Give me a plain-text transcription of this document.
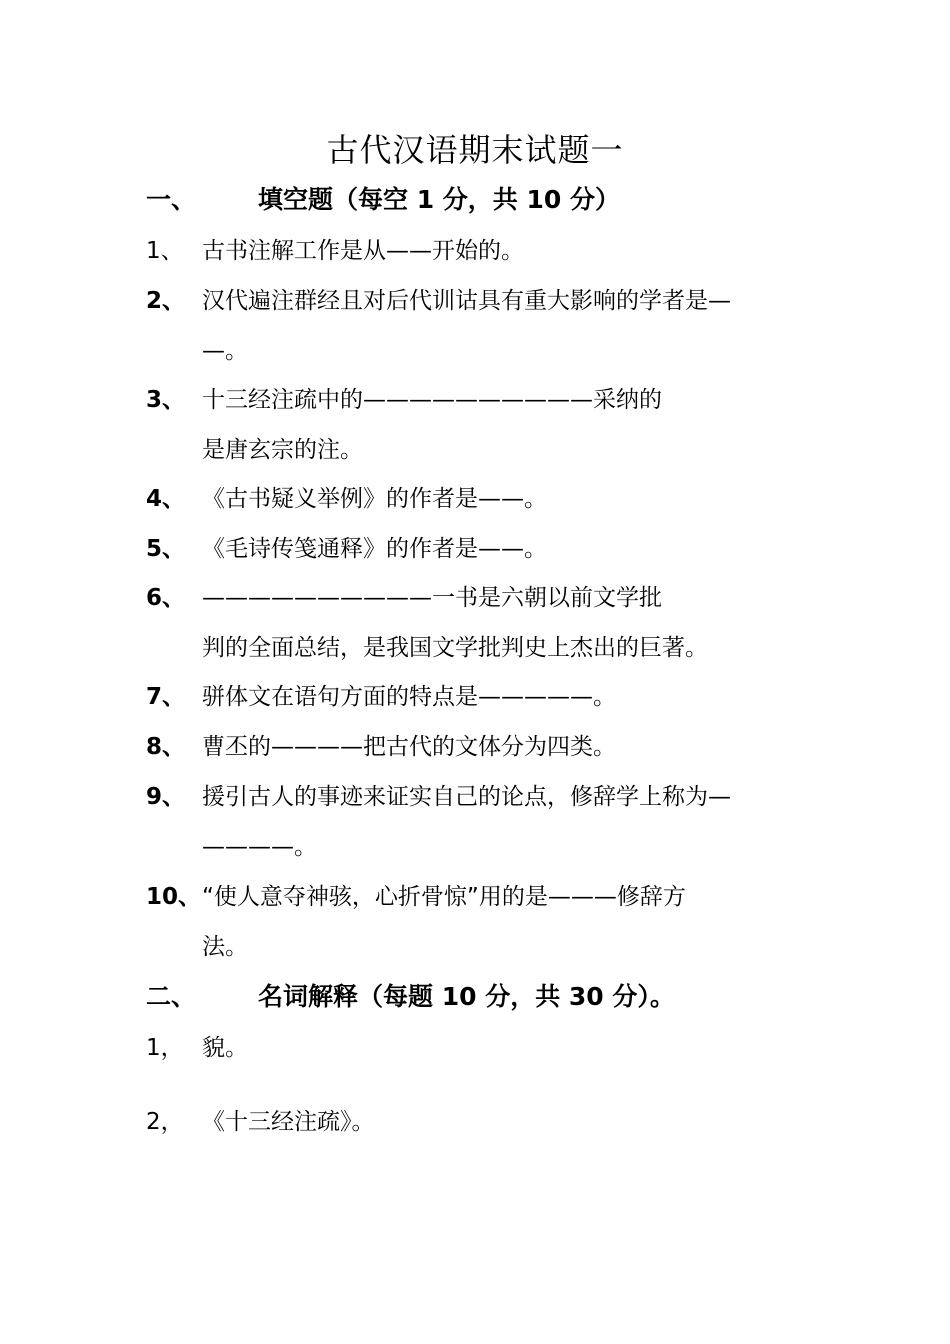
古代汉语期末试题一
一、 填空题（每空 1 分，共 10 分）
1、 古书注解工作是从——开始的。
2、 汉代遍注群经且对后代训诂具有重大影响的学者是—
—。
3、 十三经注疏中的——————————采纳的
是唐玄宗的注。
4、 《古书疑义举例》的作者是——。
5、 《毛诗传笺通释》的作者是——。
6、 ——————————一书是六朝以前文学批
判的全面总结，是我国文学批判史上杰出的巨著。
7、 骈体文在语句方面的特点是—————。
8、 曹丕的————把古代的文体分为四类。
9、 援引古人的事迹来证实自己的论点，修辞学上称为—
————。
10、 “使人意夺神骇，心折骨惊”用的是———修辞方
法。
二、 名词解释（每题 10 分，共 30 分）。
1， 貌。
2， 《十三经注疏》。
